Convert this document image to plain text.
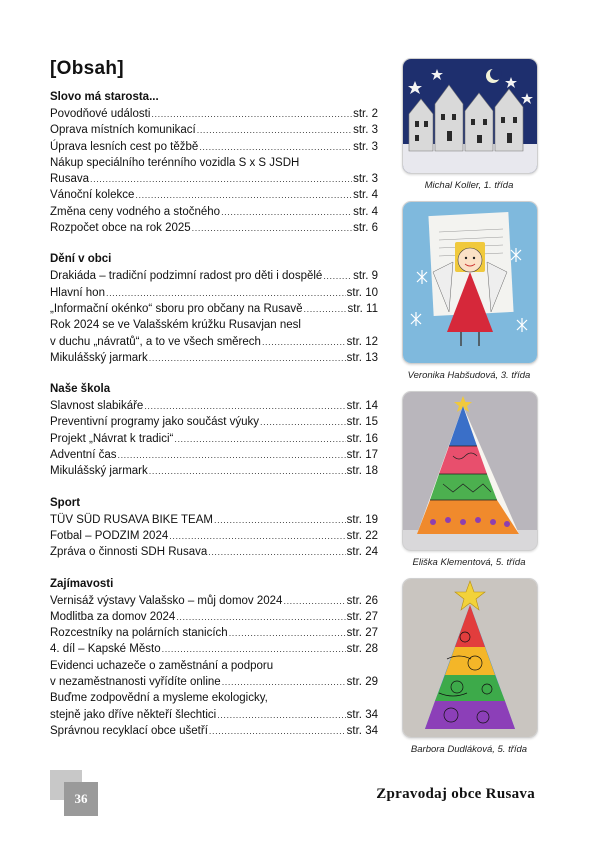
[Obsah]
Slovo má starosta...
Povodňové události .....	str. 2
Oprava místních komunikací .....	str. 3
Úprava lesních cest po těžbě .....	str. 3
Nákup speciálního terénního vozidla S x S JSDH
Rusava .....	str. 3
Vánoční kolekce .....	str. 4
Změna ceny vodného a stočného .....	str. 4
Rozpočet obce na rok 2025 .....	str. 6
Dění v obci
Drakiáda – tradiční podzimní radost pro děti i dospělé .....	str. 9
Hlavní hon .....	str. 10
„Informační okénko“ sboru pro občany na Rusavě .....	str. 11
Rok 2024 se ve Valašském krúžku Rusavjan nesl
v duchu „návratů“, a to ve všech směrech .....	str. 12
Mikulášský jarmark .....	str. 13
Naše škola
Slavnost slabikáře .....	str. 14
Preventivní programy jako součást výuky .....	str. 15
Projekt „Návrat k tradici“ .....	str. 16
Adventní čas .....	str. 17
Mikulášský jarmark .....	str. 18
Sport
TÜV SÜD RUSAVA BIKE TEAM .....	str. 19
Fotbal – PODZIM 2024 .....	str. 22
Zpráva o činnosti SDH Rusava .....	str. 24
Zajímavosti
Vernisáž výstavy Valašsko – můj domov 2024 .....	str. 26
Modlitba za domov 2024 .....	str. 27
Rozcestníky na polárních stanicích .....	str. 27
4. díl – Kapské Město .....	str. 28
Evidenci uchazeče o zaměstnání a podporu
v nezaměstnanosti vyřídíte online .....	str. 29
Buďme zodpovědní a mysleme ekologicky,
stejně jako dříve někteří šlechtici .....	str. 34
Správnou recyklací obce ušetří .....	str. 34
Michal Koller, 1. třída
Veronika Habšudová, 3. třída
Eliška Klementová, 5. třída
Barbora Dudláková, 5. třída
36	Zpravodaj obce Rusava
